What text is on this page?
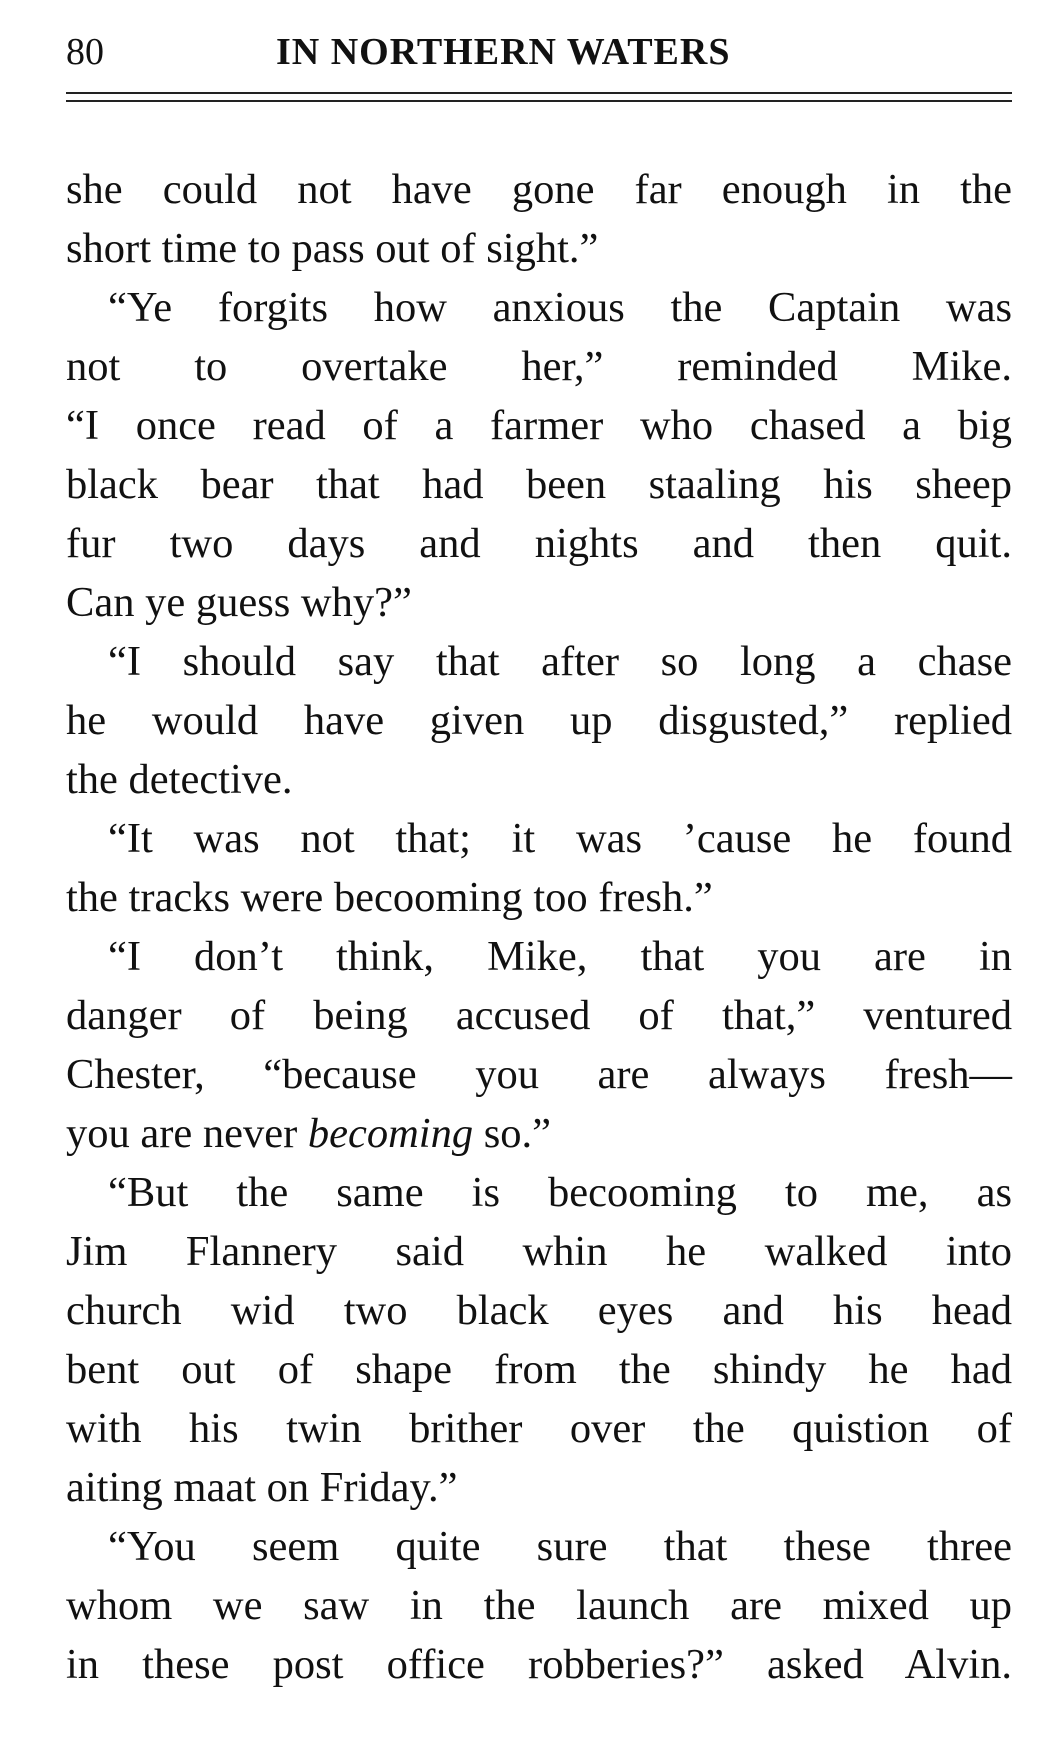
80	IN NORTHERN WATERS
she could not have gone far enough in the
short time to pass out of sight.”
“Ye forgits how anxious the Captain was
not to overtake her,” reminded Mike.
“I once read of a farmer who chased a big
black bear that had been staaling his sheep
fur two days and nights and then quit.
Can ye guess why?”
“I should say that after so long a chase
he would have given up disgusted,” replied
the detective.
“It was not that; it was ’cause he found
the tracks were becooming too fresh.”
“I don’t think, Mike, that you are in
danger of being accused of that,” ventured
Chester, “because you are always fresh—
you are never becoming so.”
“But the same is becooming to me, as
Jim Flannery said whin he walked into
church wid two black eyes and his head
bent out of shape from the shindy he had
with his twin brither over the quistion of
aiting maat on Friday.”
“You seem quite sure that these three
whom we saw in the launch are mixed up
in these post office robberies?” asked Alvin.
